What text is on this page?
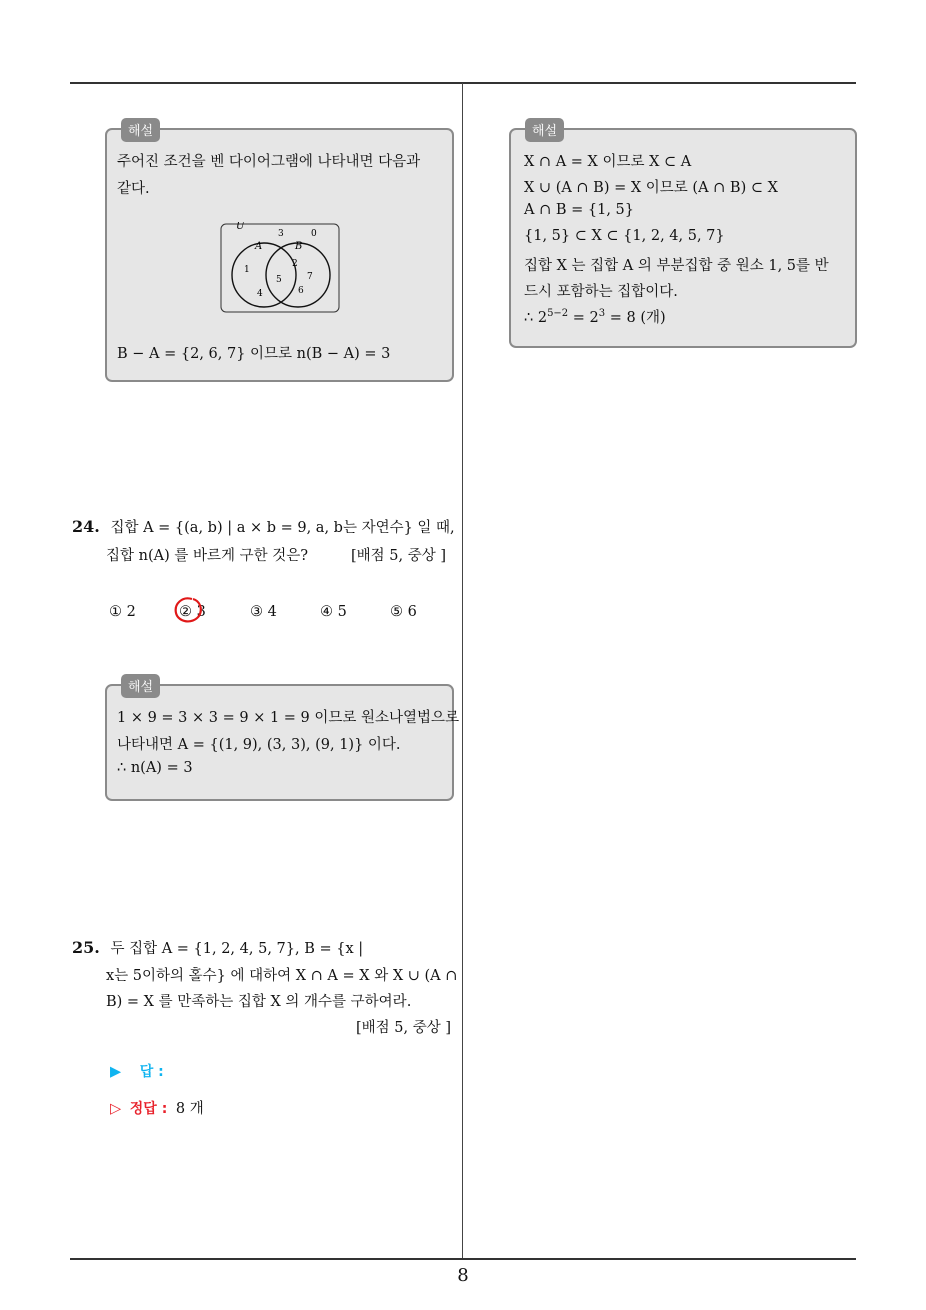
해설
주어진 조건을 벤 다이어그램에 나타내면 다음과
같다.
U
A	B
3	0
1
2
5	7
4	6
B − A = {2, 6, 7} 이므로 n(B − A) = 3
24. 집합 A = {(a, b) | a × b = 9, a, b는 자연수} 일 때,
집합 n(A) 를 바르게 구한 것은?	[배점 5, 중상 ]
① 2	② 3	③ 4	④ 5	⑤ 6
해설
1 × 9 = 3 × 3 = 9 × 1 = 9 이므로 원소나열법으로
나타내면 A = {(1, 9), (3, 3), (9, 1)} 이다.
∴ n(A) = 3
25. 두 집합 A = {1, 2, 4, 5, 7}, B = {x |
x는 5이하의 홀수} 에 대하여 X ∩ A = X 와 X ∪ (A ∩
B) = X 를 만족하는 집합 X 의 개수를 구하여라.
[배점 5, 중상 ]
▶ 답 :
▷ 정답 : 8 개
해설
X ∩ A = X 이므로 X ⊂ A
X ∪ (A ∩ B) = X 이므로 (A ∩ B) ⊂ X
A ∩ B = {1, 5}
{1, 5} ⊂ X ⊂ {1, 2, 4, 5, 7}
집합 X 는 집합 A 의 부분집합 중 원소 1, 5를 반
드시 포함하는 집합이다.
∴ $2^{5-2} = 2^3 = 8$ (개)
8
